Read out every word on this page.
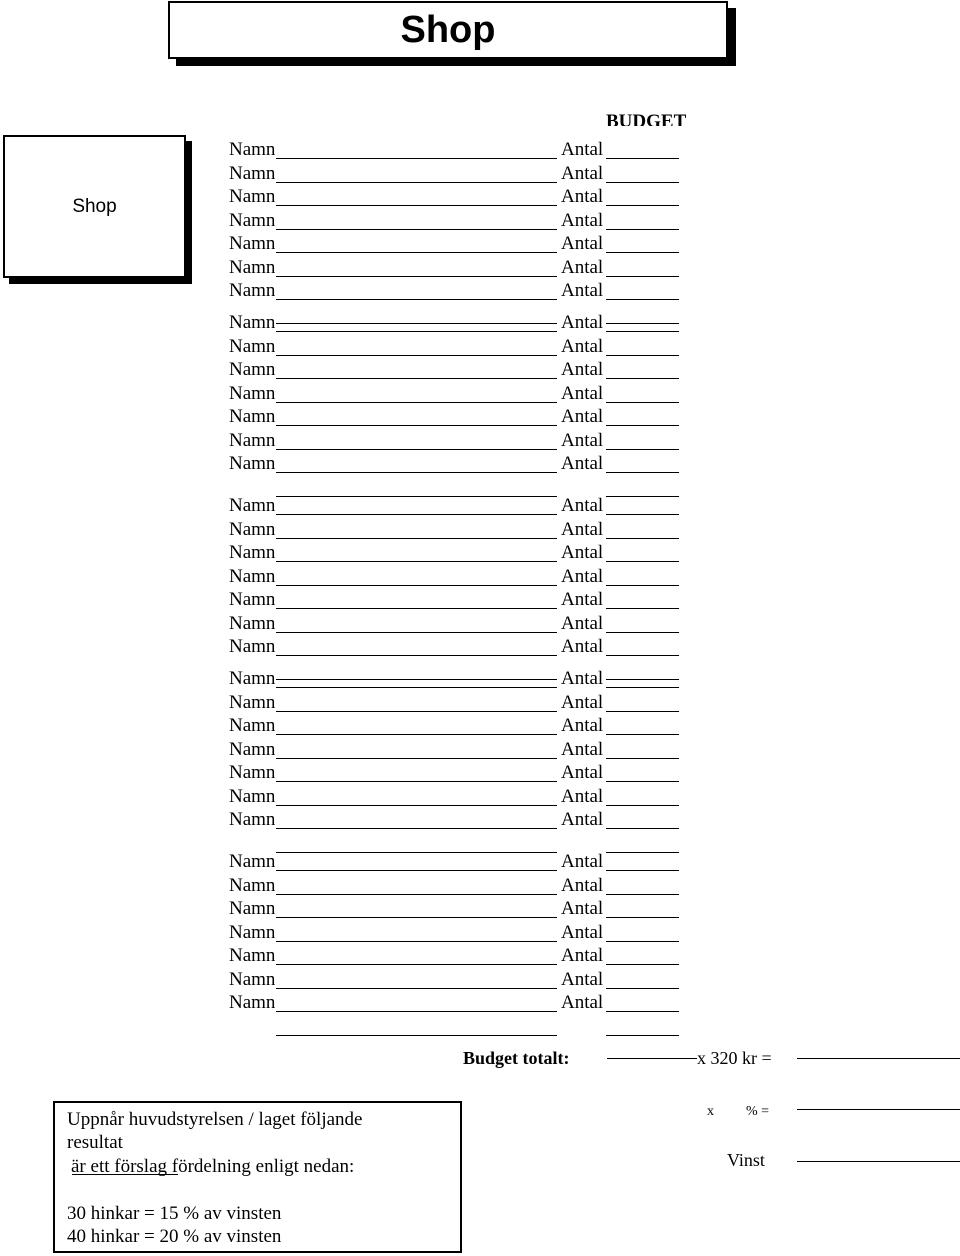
Shop
Shop
BUDGET
Namn	Antal
Namn	Antal
Namn	Antal
Namn	Antal
Namn	Antal
Namn	Antal
Namn	Antal
Namn	Antal
Namn	Antal
Namn	Antal
Namn	Antal
Namn	Antal
Namn	Antal
Namn	Antal
Namn	Antal
Namn	Antal
Namn	Antal
Namn	Antal
Namn	Antal
Namn	Antal
Namn	Antal
Namn	Antal
Namn	Antal
Namn	Antal
Namn	Antal
Namn	Antal
Namn	Antal
Namn	Antal
Namn	Antal
Namn	Antal
Namn	Antal
Namn	Antal
Namn	Antal
Namn	Antal
Namn	Antal
Budget totalt:	x 320 kr =
Uppnår huvudstyrelsen / laget följande
resultat
är ett förslag fördelning enligt nedan:
30 hinkar = 15 % av vinsten
40 hinkar = 20 % av vinsten
x % =
Vinst
